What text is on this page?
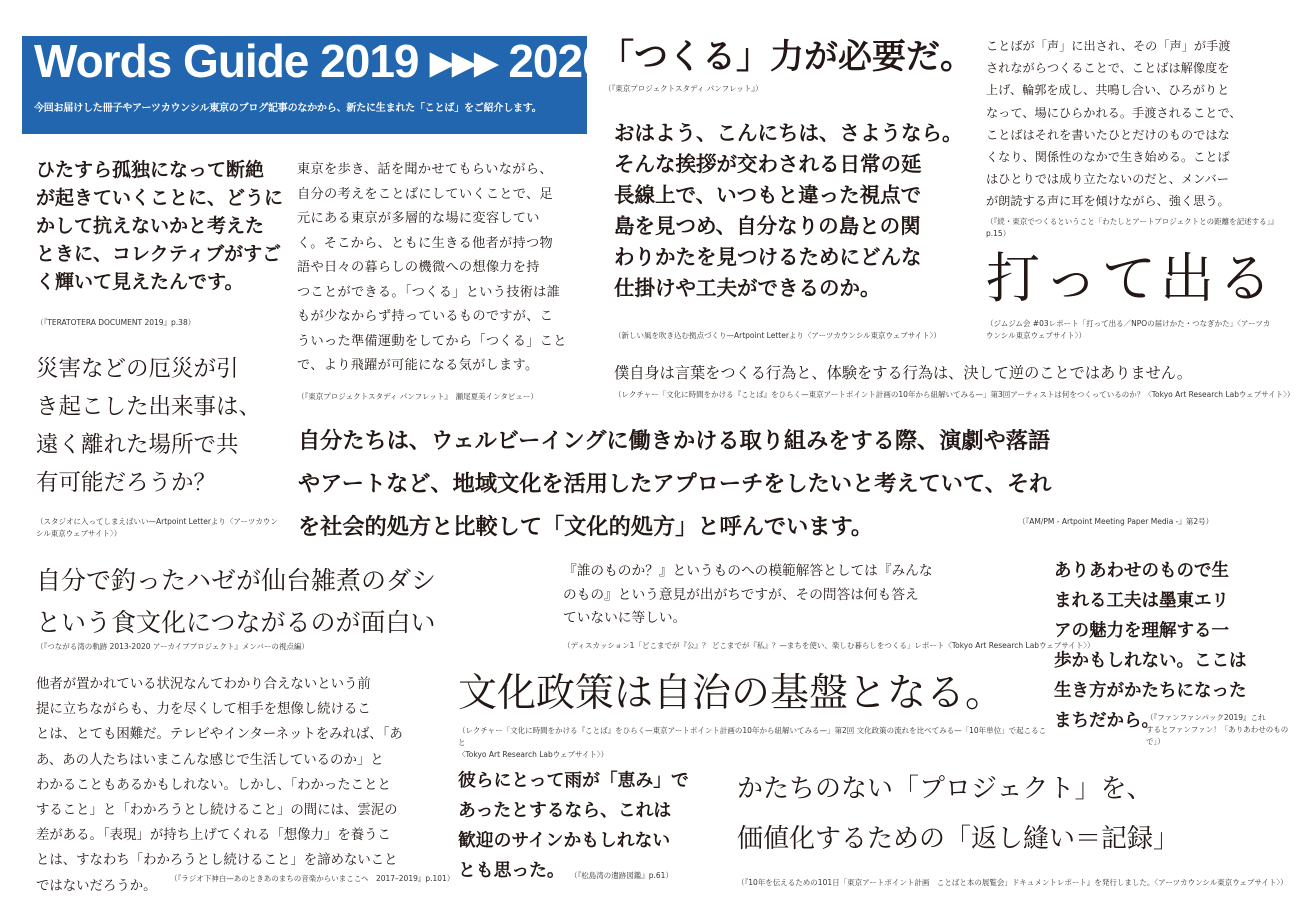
Words Guide 2019 ▸▸▸ 2020

今回お届けした冊子やアーツカウンシル東京のブログ記事のなかから、新たに生まれた「ことば」をご紹介します。

ひたすら孤独になって断絶
が起きていくことに、どうに
かして抗えないかと考えた
ときに、コレクティブがすご
く輝いて見えたんです。

（『TERATOTERA DOCUMENT 2019』p.38）

東京を歩き、話を聞かせてもらいながら、
自分の考えをことばにしていくことで、足
元にある東京が多層的な場に変容してい
く。そこから、ともに生きる他者が持つ物
語や日々の暮らしの機微への想像力を持
つことができる。「つくる」という技術は誰
もが少なからず持っているものですが、こ
ういった準備運動をしてから「つくる」こと
で、より飛躍が可能になる気がします。

（『東京プロジェクトスタディ パンフレット』　瀬尾夏美インタビュー）

「つくる」力が必要だ。

（『東京プロジェクトスタディ パンフレット』）

おはよう、こんにちは、さようなら。
そんな挨拶が交わされる日常の延
長線上で、いつもと違った視点で
島を見つめ、自分なりの島との関
わりかたを見つけるためにどんな
仕掛けや工夫ができるのか。

（新しい風を吹き込む拠点づくり—Artpoint Letterより〈アーツカウンシル東京ウェブサイト〉）

ことばが「声」に出され、その「声」が手渡
されながらつくることで、ことばは解像度を
上げ、輪郭を成し、共鳴し合い、ひろがりと
なって、場にひらかれる。手渡されることで、
ことばはそれを書いたひとだけのものではな
くなり、関係性のなかで生き始める。ことば
はひとりでは成り立たないのだと、メンバー
が朗読する声に耳を傾けながら、強く思う。

（『続・東京でつくるということ「わたしとアートプロジェクトとの距離を記述する」』p.15）

打って出る

（ジムジム会 #03レポート「打って出る／NPOの届けかた・つなぎかた」〈アーツカウンシル東京ウェブサイト〉）

災害などの厄災が引
き起こした出来事は、
遠く離れた場所で共
有可能だろうか？

（スタジオに入ってしまえばいい—Artpoint Letterより〈アーツカウン
シル東京ウェブサイト〉）

僕自身は言葉をつくる行為と、体験をする行為は、決して逆のことではありません。

（レクチャー「文化に時間をかける『ことば』をひらく—東京アートポイント計画の10年から紐解いてみる—」第3回アーティストは何をつくっているのか？〈Tokyo Art Research Labウェブサイト〉）

自分たちは、ウェルビーイングに働きかける取り組みをする際、演劇や落語
やアートなど、地域文化を活用したアプローチをしたいと考えていて、それ
を社会的処方と比較して「文化的処方」と呼んでいます。	（『AM/PM - Artpoint Meeting Paper Media -』第2号）

自分で釣ったハゼが仙台雑煮のダシ
という食文化につながるのが面白い

（『つながる湾の軌跡 2013-2020 アーカイブプロジェクト』メンバーの視点編）

『誰のものか？』というものへの模範解答としては『みんな
のもの』という意見が出がちですが、その問答は何も答え
ていないに等しい。

（ディスカッション1「どこまでが『公』？ どこまでが『私』？—まちを使い、楽しむ暮らしをつくる」レポート〈Tokyo Art Research Labウェブサイト〉）

ありあわせのもので生
まれる工夫は墨東エリ
アの魅力を理解する一
歩かもしれない。ここは
生き方がかたちになった
まちだから。

（『ファンファンパック2019』これ
するとファンファン！「ありあわせのもので」）

他者が置かれている状況なんてわかり合えないという前
提に立ちながらも、力を尽くして相手を想像し続けるこ
とは、とても困難だ。テレビやインターネットをみれば、「あ
あ、あの人たちはいまこんな感じで生活しているのか」と
わかることもあるかもしれない。しかし、「わかったことと
すること」と「わかろうとし続けること」の間には、雲泥の
差がある。「表現」が持ち上げてくれる「想像力」を養うこ
とは、すなわち「わかろうとし続けること」を諦めないこと
ではないだろうか。

（『ラジオ下神白—あのときあのまちの音楽からいまここへ　2017–2019』p.101）

文化政策は自治の基盤となる。

（レクチャー「文化に時間をかける『ことば』をひらく—東京アートポイント計画の10年から紐解いてみる—」第2回 文化政策の流れを比べてみる—「10年単位」で起こること
〈Tokyo Art Research Labウェブサイト〉）

彼らにとって雨が「恵み」で
あったとするなら、これは
歓迎のサインかもしれない
とも思った。 （『松島湾の遺跡図鑑』p.61）

かたちのない「プロジェクト」を、
価値化するための「返し縫い＝記録」

（『10年を伝えるための101日「東京アートポイント計画　ことばと本の展覧会」ドキュメントレポート』を発行しました。〈アーツカウンシル東京ウェブサイト〉）
